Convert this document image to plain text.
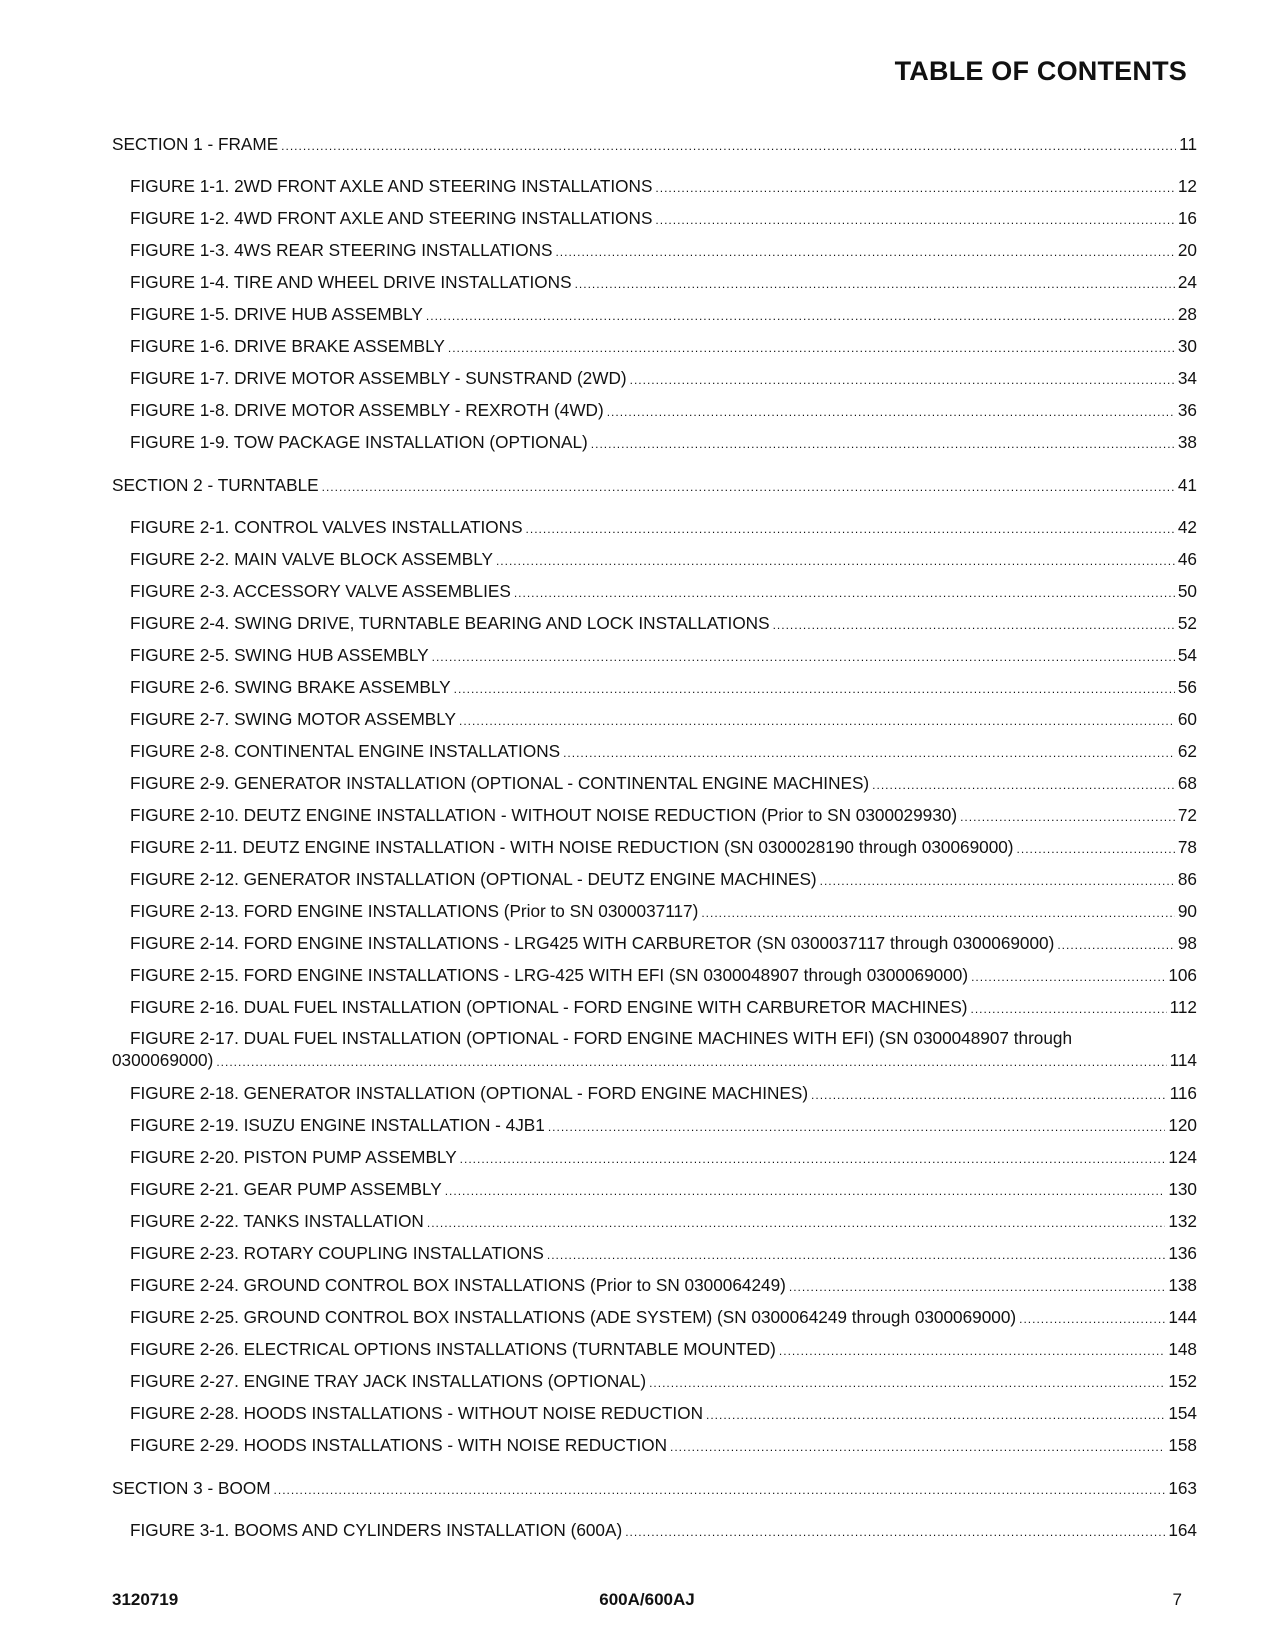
TABLE OF CONTENTS
SECTION 1 - FRAME .....	11
FIGURE 1-1. 2WD FRONT AXLE AND STEERING INSTALLATIONS .....	12
FIGURE 1-2. 4WD FRONT AXLE AND STEERING INSTALLATIONS .....	16
FIGURE 1-3. 4WS REAR STEERING INSTALLATIONS .....	20
FIGURE 1-4. TIRE AND WHEEL DRIVE INSTALLATIONS .....	24
FIGURE 1-5. DRIVE HUB ASSEMBLY .....	28
FIGURE 1-6. DRIVE BRAKE ASSEMBLY .....	30
FIGURE 1-7. DRIVE MOTOR ASSEMBLY - SUNSTRAND (2WD) .....	34
FIGURE 1-8. DRIVE MOTOR ASSEMBLY - REXROTH (4WD) .....	36
FIGURE 1-9. TOW PACKAGE INSTALLATION (OPTIONAL) .....	38
SECTION 2 - TURNTABLE .....	41
FIGURE 2-1. CONTROL VALVES INSTALLATIONS .....	42
FIGURE 2-2. MAIN VALVE BLOCK ASSEMBLY .....	46
FIGURE 2-3. ACCESSORY VALVE ASSEMBLIES .....	50
FIGURE 2-4. SWING DRIVE, TURNTABLE BEARING AND LOCK INSTALLATIONS .....	52
FIGURE 2-5. SWING HUB ASSEMBLY .....	54
FIGURE 2-6. SWING BRAKE ASSEMBLY .....	56
FIGURE 2-7. SWING MOTOR ASSEMBLY .....	60
FIGURE 2-8. CONTINENTAL ENGINE INSTALLATIONS .....	62
FIGURE 2-9. GENERATOR INSTALLATION (OPTIONAL - CONTINENTAL ENGINE MACHINES) .....	68
FIGURE 2-10. DEUTZ ENGINE INSTALLATION - WITHOUT NOISE REDUCTION (Prior to SN 0300029930) .....	72
FIGURE 2-11. DEUTZ ENGINE INSTALLATION - WITH NOISE REDUCTION (SN 0300028190 through 030069000) .....	78
FIGURE 2-12. GENERATOR INSTALLATION (OPTIONAL - DEUTZ ENGINE MACHINES) .....	86
FIGURE 2-13. FORD ENGINE INSTALLATIONS (Prior to SN 0300037117) .....	90
FIGURE 2-14. FORD ENGINE INSTALLATIONS - LRG425 WITH CARBURETOR (SN 0300037117 through 0300069000) .....	98
FIGURE 2-15. FORD ENGINE INSTALLATIONS - LRG-425 WITH EFI (SN 0300048907 through 0300069000) .....	106
FIGURE 2-16. DUAL FUEL INSTALLATION (OPTIONAL - FORD ENGINE WITH CARBURETOR MACHINES) .....	112
FIGURE 2-17. DUAL FUEL INSTALLATION (OPTIONAL - FORD ENGINE MACHINES WITH EFI) (SN 0300048907 through
0300069000) .....	114
FIGURE 2-18. GENERATOR INSTALLATION (OPTIONAL - FORD ENGINE MACHINES) .....	116
FIGURE 2-19. ISUZU ENGINE INSTALLATION - 4JB1 .....	120
FIGURE 2-20. PISTON PUMP ASSEMBLY .....	124
FIGURE 2-21. GEAR PUMP ASSEMBLY .....	130
FIGURE 2-22. TANKS INSTALLATION .....	132
FIGURE 2-23. ROTARY COUPLING INSTALLATIONS .....	136
FIGURE 2-24. GROUND CONTROL BOX INSTALLATIONS (Prior to SN 0300064249) .....	138
FIGURE 2-25. GROUND CONTROL BOX INSTALLATIONS (ADE SYSTEM) (SN 0300064249 through 0300069000) .....	144
FIGURE 2-26. ELECTRICAL OPTIONS INSTALLATIONS (TURNTABLE MOUNTED) .....	148
FIGURE 2-27. ENGINE TRAY JACK INSTALLATIONS (OPTIONAL) .....	152
FIGURE 2-28. HOODS INSTALLATIONS - WITHOUT NOISE REDUCTION .....	154
FIGURE 2-29. HOODS INSTALLATIONS - WITH NOISE REDUCTION .....	158
SECTION 3 - BOOM .....	163
FIGURE 3-1. BOOMS AND CYLINDERS INSTALLATION (600A) .....	164
3120719	600A/600AJ	7
